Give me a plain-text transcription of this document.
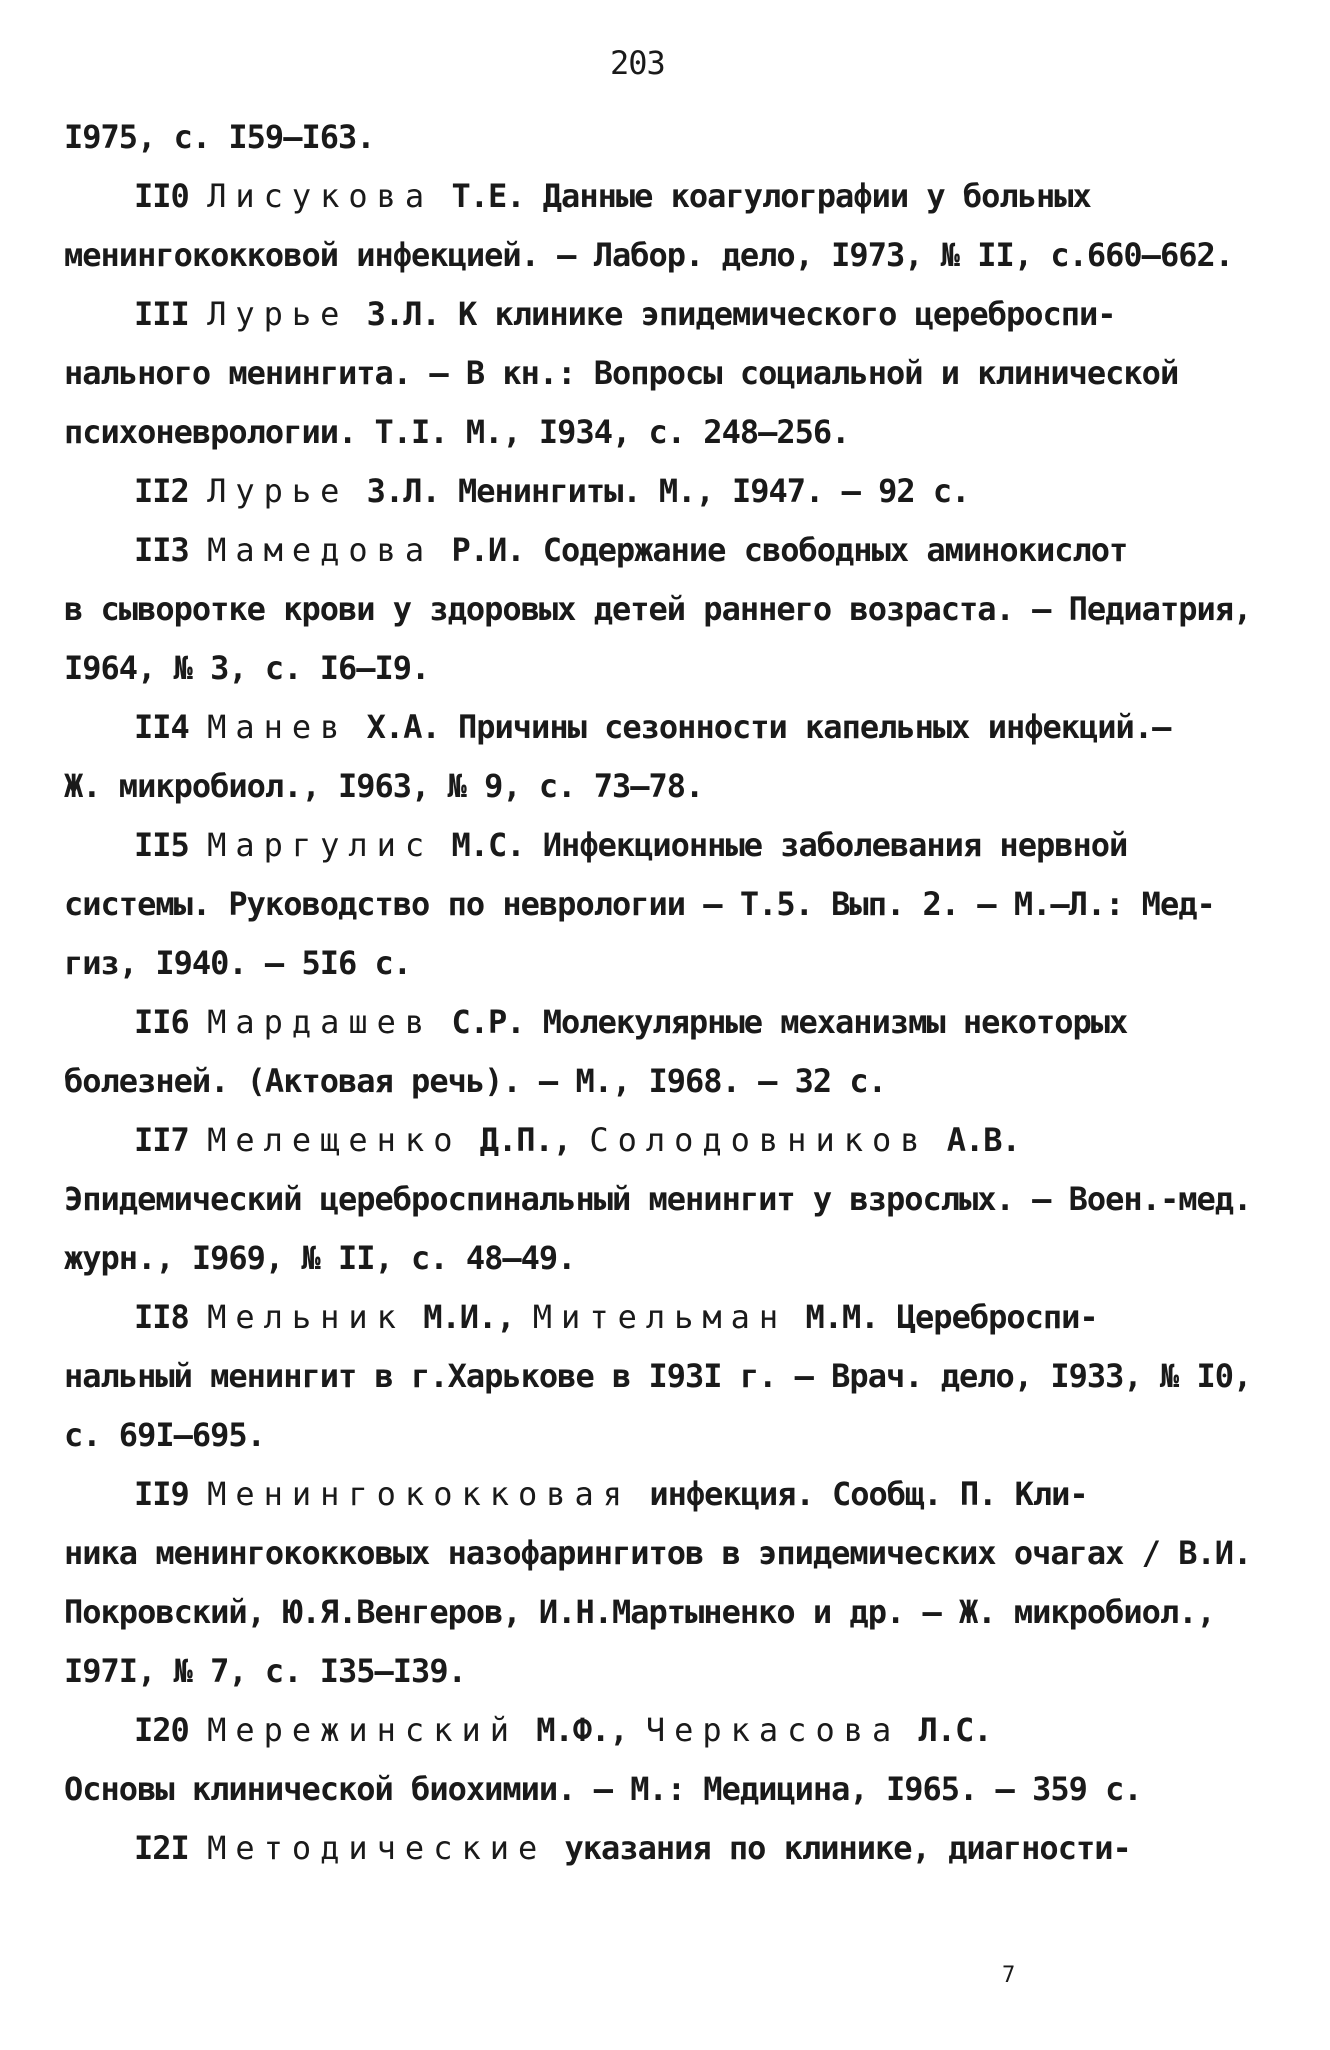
203
I975, с. I59–I63.
II0 Лисукова Т.Е. Данные коагулографии у больных
менингококковой инфекцией. – Лабор. дело, I973, № II, с.660–662.
III Лурье З.Л. К клинике эпидемического цереброспи-
нального менингита. – В кн.: Вопросы социальной и клинической
психоневрологии. Т.I. М., I934, с. 248–256.
II2 Лурье З.Л. Менингиты. М., I947. – 92 с.
II3 Мамедова Р.И. Содержание свободных аминокислот
в сыворотке крови у здоровых детей раннего возраста. – Педиатрия,
I964, № 3, с. I6–I9.
II4 Манев Х.А. Причины сезонности капельных инфекций.–
Ж. микробиол., I963, № 9, с. 73–78.
II5 Маргулис М.С. Инфекционные заболевания нервной
системы. Руководство по неврологии – Т.5. Вып. 2. – М.–Л.: Мед-
гиз, I940. – 5I6 с.
II6 Мардашев С.Р. Молекулярные механизмы некоторых
болезней. (Актовая речь). – М., I968. – 32 с.
II7 Мелещенко Д.П., Солодовников А.В.
Эпидемический цереброспинальный менингит у взрослых. – Воен.-мед.
журн., I969, № II, с. 48–49.
II8 Мельник М.И., Мительман М.М. Цереброспи-
нальный менингит в г.Харькове в I93I г. – Врач. дело, I933, № I0,
с. 69I–695.
II9 Менингококковая инфекция. Сообщ. П. Кли-
ника менингококковых назофарингитов в эпидемических очагах / В.И.
Покровский, Ю.Я.Венгеров, И.Н.Мартыненко и др. – Ж. микробиол.,
I97I, № 7, с. I35–I39.
I20 Мережинский М.Ф., Черкасова Л.С.
Основы клинической биохимии. – М.: Медицина, I965. – 359 с.
I2I Методические указания по клинике, диагности-
7
